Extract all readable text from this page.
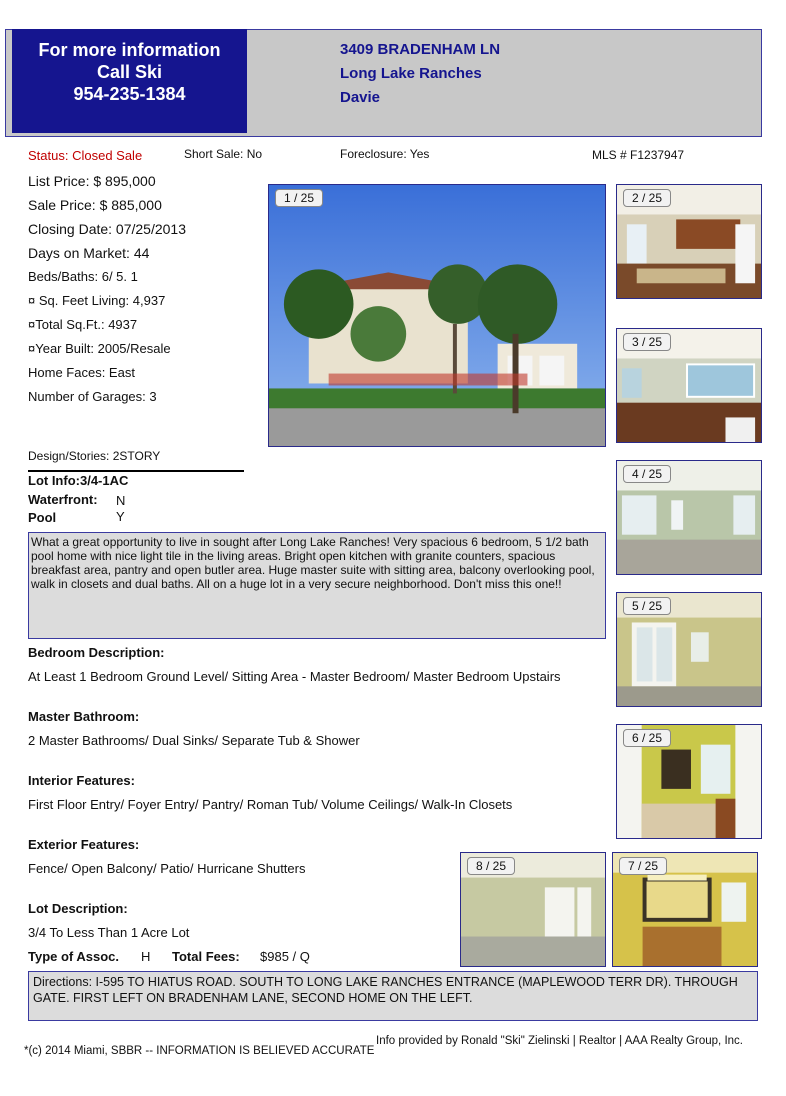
For more information
Call Ski
954-235-1384
3409 BRADENHAM LN
Long Lake Ranches
Davie
Status: Closed Sale	Short Sale: No	Foreclosure: Yes	MLS # F1237947
List Price: $ 895,000
Sale Price: $ 885,000
Closing Date: 07/25/2013
Days on Market: 44
Beds/Baths: 6/ 5. 1
¤ Sq. Feet Living: 4,937
¤Total Sq.Ft.: 4937
¤Year Built: 2005/Resale
Home Faces: East
Number of Garages: 3
Design/Stories: 2STORY
Lot Info:3/4-1AC
Waterfront: N
Pool	Y
1 / 25	2 / 25
3 / 25
4 / 25
5 / 25
6 / 25
8 / 25	7 / 25
What a great opportunity to live in sought after Long Lake Ranches! Very spacious 6 bedroom, 5 1/2 bath pool home with nice light tile in the living areas. Bright open kitchen with granite counters, spacious breakfast area, pantry and open butler area. Huge master suite with sitting area, balcony overlooking pool, walk in closets and dual baths. All on a huge lot in a very secure neighborhood. Don't miss this one!!
Bedroom Description:
At Least 1 Bedroom Ground Level/ Sitting Area - Master Bedroom/ Master Bedroom Upstairs
Master Bathroom:
2 Master Bathrooms/ Dual Sinks/ Separate Tub & Shower
Interior Features:
First Floor Entry/ Foyer Entry/ Pantry/ Roman Tub/ Volume Ceilings/ Walk-In Closets
Exterior Features:
Fence/ Open Balcony/ Patio/ Hurricane Shutters
Lot Description:
3/4 To Less Than 1 Acre Lot
Type of Assoc. H Total Fees: $985 / Q
Directions: I-595 TO HIATUS ROAD. SOUTH TO LONG LAKE RANCHES ENTRANCE (MAPLEWOOD TERR DR). THROUGH GATE. FIRST LEFT ON BRADENHAM LANE, SECOND HOME ON THE LEFT.
*(c) 2014 Miami, SBBR -- INFORMATION IS BELIEVED ACCURATE
Info provided by Ronald "Ski" Zielinski | Realtor | AAA Realty Group, Inc.
